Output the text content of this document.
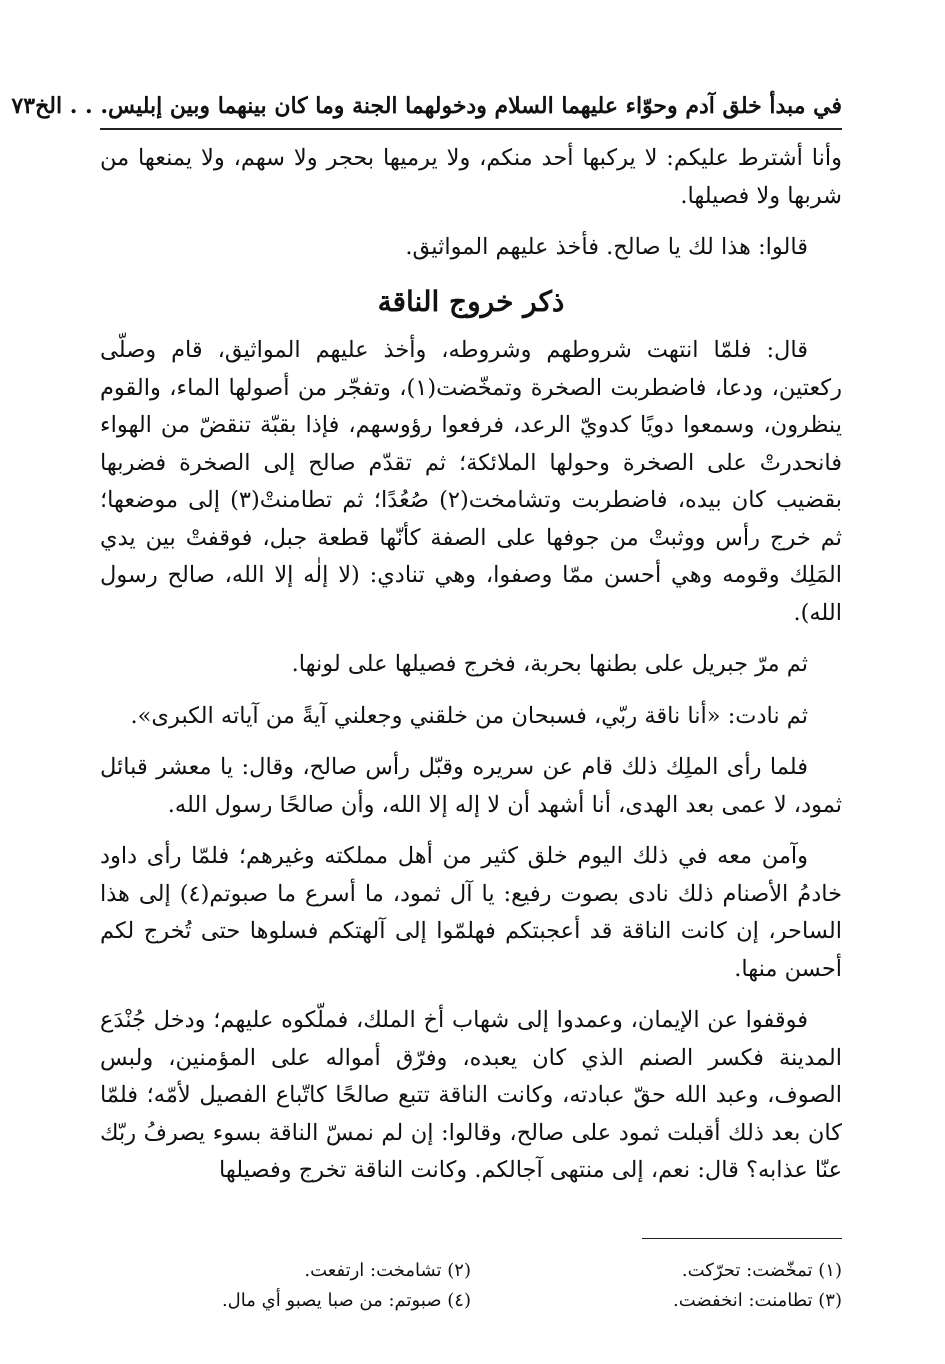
في مبدأ خلق آدم وحوّاء عليهما السلام ودخولهما الجنة وما كان بينهما وبين إبليس. . . الخ
٧٣

وأنا أشترط عليكم: لا يركبها أحد منكم، ولا يرميها بحجر ولا سهم، ولا يمنعها من شربها ولا فصيلها.

قالوا: هذا لك يا صالح. فأخذ عليهم المواثيق.

ذكر خروج الناقة

قال: فلمّا انتهت شروطهم وشروطه، وأخذ عليهم المواثيق، قام وصلّى ركعتين، ودعا، فاضطربت الصخرة وتمخّضت(١)، وتفجّر من أصولها الماء، والقوم ينظرون، وسمعوا دويًا كدويّ الرعد، فرفعوا رؤوسهم، فإذا بقبّة تنقضّ من الهواء فانحدرتْ على الصخرة وحولها الملائكة؛ ثم تقدّم صالح إلى الصخرة فضربها بقضيب كان بيده، فاضطربت وتشامخت(٢) صُعُدًا؛ ثم تطامنتْ(٣) إلى موضعها؛ ثم خرج رأس ووثبتْ من جوفها على الصفة كأنّها قطعة جبل، فوقفتْ بين يدي المَلِك وقومه وهي أحسن ممّا وصفوا، وهي تنادي: (لا إلٰه إلا الله، صالح رسول الله).

ثم مرّ جبريل على بطنها بحربة، فخرج فصيلها على لونها.

ثم نادت: «أنا ناقة ربّي، فسبحان من خلقني وجعلني آيةً من آياته الكبرى».

فلما رأى الملِك ذلك قام عن سريره وقبّل رأس صالح، وقال: يا معشر قبائل ثمود، لا عمى بعد الهدى، أنا أشهد أن لا إله إلا الله، وأن صالحًا رسول الله.

وآمن معه في ذلك اليوم خلق كثير من أهل مملكته وغيرهم؛ فلمّا رأى داود خادمُ الأصنام ذلك نادى بصوت رفيع: يا آل ثمود، ما أسرع ما صبوتم(٤) إلى هذا الساحر، إن كانت الناقة قد أعجبتكم فهلمّوا إلى آلهتكم فسلوها حتى تُخرج لكم أحسن منها.

فوقفوا عن الإيمان، وعمدوا إلى شهاب أخ الملك، فملّكوه عليهم؛ ودخل جُنْدَع المدينة فكسر الصنم الذي كان يعبده، وفرّق أمواله على المؤمنين، ولبس الصوف، وعبد الله حقّ عبادته، وكانت الناقة تتبع صالحًا كاتّباع الفصيل لأمّه؛ فلمّا كان بعد ذلك أقبلت ثمود على صالح، وقالوا: إن لم نمسّ الناقة بسوء يصرفُ ربّك عنّا عذابه؟ قال: نعم، إلى منتهى آجالكم. وكانت الناقة تخرج وفصيلها

(١) تمخّضت: تحرّكت.
(٢) تشامخت: ارتفعت.
(٣) تطامنت: انخفضت.
(٤) صبوتم: من صبا يصبو أي مال.
